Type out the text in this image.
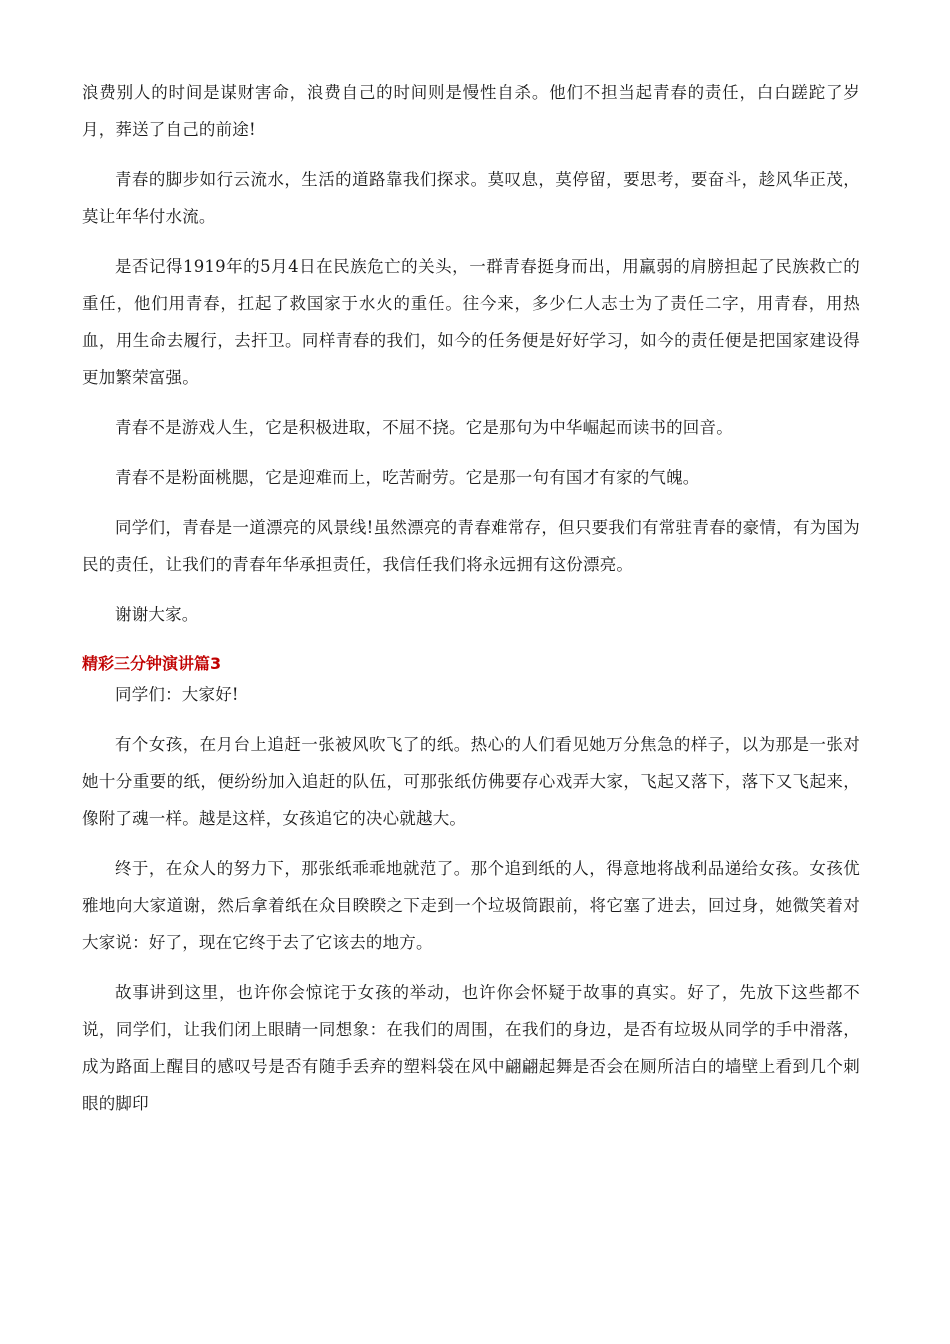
浪费别人的时间是谋财害命，浪费自己的时间则是慢性自杀。他们不担当起青春的责任，白白蹉跎了岁月，葬送了自己的前途!

青春的脚步如行云流水，生活的道路靠我们探求。莫叹息，莫停留，要思考，要奋斗，趁风华正茂，莫让年华付水流。

是否记得1919年的5月4日在民族危亡的关头，一群青春挺身而出，用羸弱的肩膀担起了民族救亡的重任，他们用青春，扛起了救国家于水火的重任。往今来，多少仁人志士为了责任二字，用青春，用热血，用生命去履行，去扞卫。同样青春的我们，如今的任务便是好好学习，如今的责任便是把国家建设得更加繁荣富强。

青春不是游戏人生，它是积极进取，不屈不挠。它是那句为中华崛起而读书的回音。

青春不是粉面桃腮，它是迎难而上，吃苦耐劳。它是那一句有国才有家的气魄。

同学们，青春是一道漂亮的风景线!虽然漂亮的青春难常存，但只要我们有常驻青春的豪情，有为国为民的责任，让我们的青春年华承担责任，我信任我们将永远拥有这份漂亮。

谢谢大家。

精彩三分钟演讲篇3

同学们：大家好!

有个女孩，在月台上追赶一张被风吹飞了的纸。热心的人们看见她万分焦急的样子，以为那是一张对她十分重要的纸，便纷纷加入追赶的队伍，可那张纸仿佛要存心戏弄大家，飞起又落下，落下又飞起来，像附了魂一样。越是这样，女孩追它的决心就越大。

终于，在众人的努力下，那张纸乖乖地就范了。那个追到纸的人，得意地将战利品递给女孩。女孩优雅地向大家道谢，然后拿着纸在众目睽睽之下走到一个垃圾筒跟前，将它塞了进去，回过身，她微笑着对大家说：好了，现在它终于去了它该去的地方。

故事讲到这里，也许你会惊诧于女孩的举动，也许你会怀疑于故事的真实。好了，先放下这些都不说，同学们，让我们闭上眼睛一同想象：在我们的周围，在我们的身边，是否有垃圾从同学的手中滑落，成为路面上醒目的感叹号是否有随手丢弃的塑料袋在风中翩翩起舞是否会在厕所洁白的墙壁上看到几个刺眼的脚印
